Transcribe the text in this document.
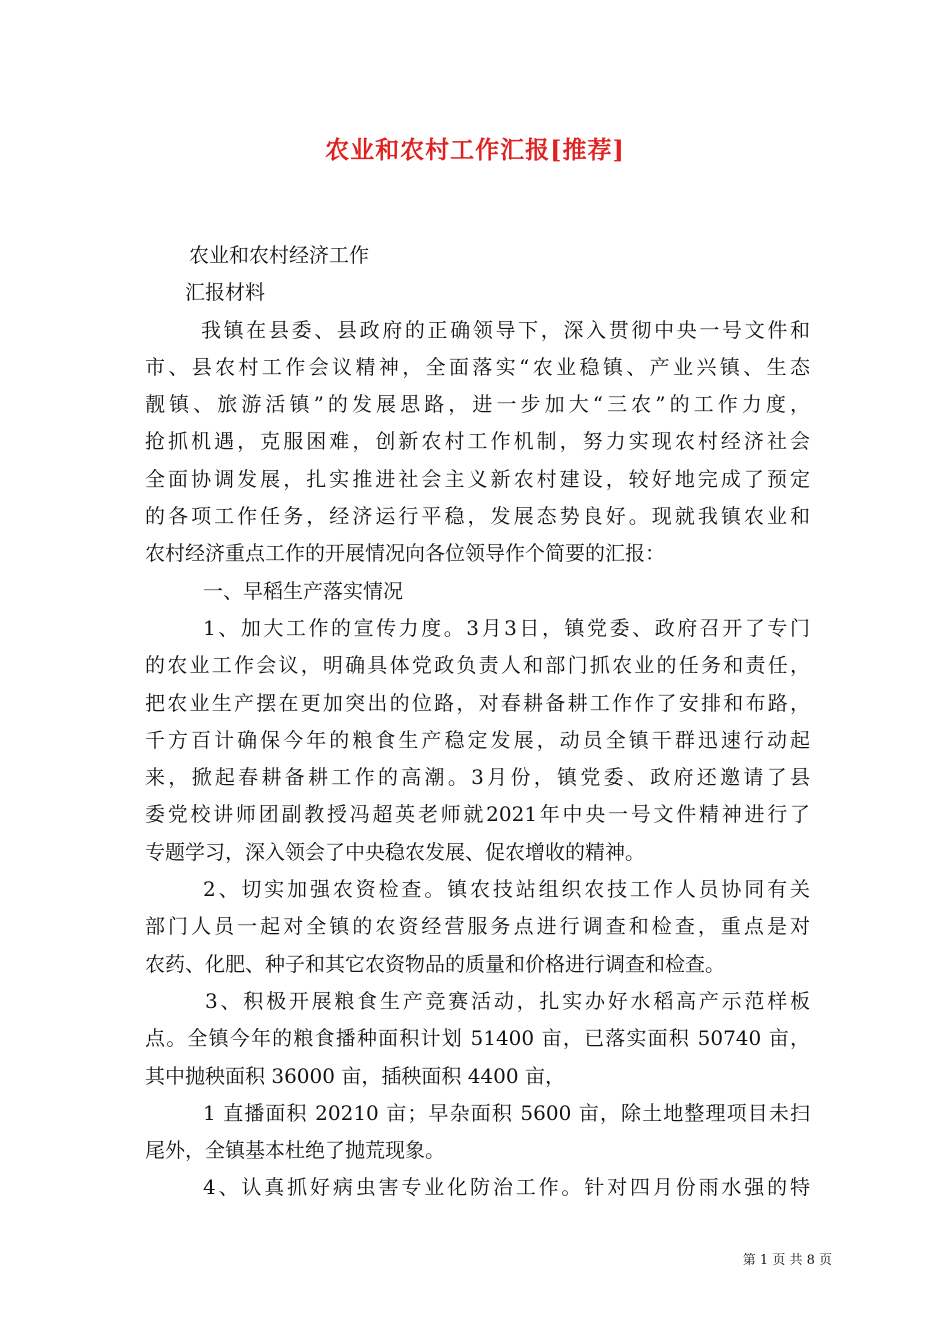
农业和农村工作汇报[推荐]

农业和农村经济工作

汇报材料

我镇在县委、县政府的正确领导下，深入贯彻中央一号文件和

市、县农村工作会议精神，全面落实“农业稳镇、产业兴镇、生态

靓镇、旅游活镇”的发展思路，进一步加大“三农”的工作力度，

抢抓机遇，克服困难，创新农村工作机制，努力实现农村经济社会

全面协调发展，扎实推进社会主义新农村建设，较好地完成了预定

的各项工作任务，经济运行平稳，发展态势良好。现就我镇农业和

农村经济重点工作的开展情况向各位领导作个简要的汇报：

一、早稻生产落实情况

1、加大工作的宣传力度。3月3日，镇党委、政府召开了专门

的农业工作会议，明确具体党政负责人和部门抓农业的任务和责任，

把农业生产摆在更加突出的位路，对春耕备耕工作作了安排和布路，

千方百计确保今年的粮食生产稳定发展，动员全镇干群迅速行动起

来，掀起春耕备耕工作的高潮。3月份，镇党委、政府还邀请了县

委党校讲师团副教授冯超英老师就2021年中央一号文件精神进行了

专题学习，深入领会了中央稳农发展、促农增收的精神。

2、切实加强农资检查。镇农技站组织农技工作人员协同有关

部门人员一起对全镇的农资经营服务点进行调查和检查，重点是对

农药、化肥、种子和其它农资物品的质量和价格进行调查和检查。

3、积极开展粮食生产竞赛活动，扎实办好水稻高产示范样板

点。全镇今年的粮食播种面积计划 51400 亩，已落实面积 50740 亩，

其中抛秧面积 36000 亩，插秧面积 4400 亩，

1 直播面积 20210 亩；早杂面积 5600 亩，除土地整理项目未扫

尾外，全镇基本杜绝了抛荒现象。

4、认真抓好病虫害专业化防治工作。针对四月份雨水强的特

第 1 页 共 8 页
